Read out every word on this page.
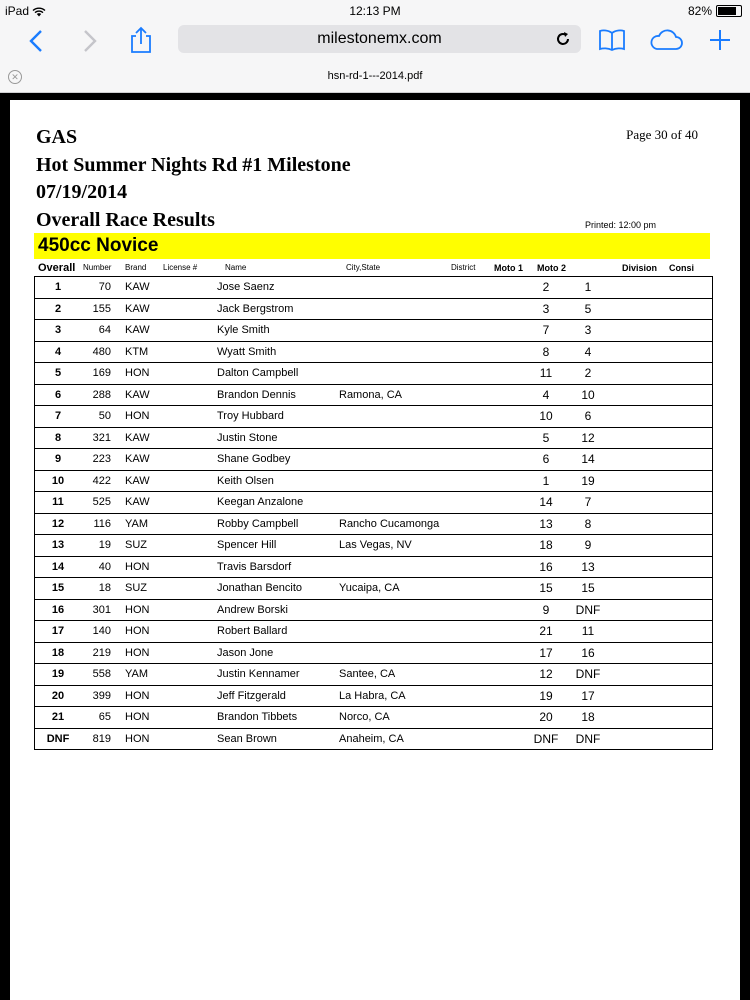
iPad	12:13 PM	82%
milestonemx.com
✕	hsn-rd-1---2014.pdf
GAS
Hot Summer Nights Rd #1 Milestone
07/19/2014
Overall Race Results
Page 30 of 40
Printed: 12:00 pm
450cc Novice
Overall Number Brand License #	Name	City,State	District Moto 1 Moto 2	Division Consi
1	70	KAW		Jose Saenz			2	1		
2	155	KAW		Jack Bergstrom			3	5		
3	64	KAW		Kyle Smith			7	3		
4	480	KTM		Wyatt Smith			8	4		
5	169	HON		Dalton Campbell			11	2		
6	288	KAW		Brandon Dennis	Ramona, CA		4	10		
7	50	HON		Troy Hubbard			10	6		
8	321	KAW		Justin Stone			5	12		
9	223	KAW		Shane Godbey			6	14		
10	422	KAW		Keith Olsen			1	19		
11	525	KAW		Keegan Anzalone			14	7		
12	116	YAM		Robby Campbell	Rancho Cucamonga		13	8		
13	19	SUZ		Spencer Hill	Las Vegas, NV		18	9		
14	40	HON		Travis Barsdorf			16	13		
15	18	SUZ		Jonathan Bencito	Yucaipa, CA		15	15		
16	301	HON		Andrew Borski			9	DNF		
17	140	HON		Robert Ballard			21	11		
18	219	HON		Jason Jone			17	16		
19	558	YAM		Justin Kennamer	Santee, CA		12	DNF		
20	399	HON		Jeff Fitzgerald	La Habra, CA		19	17		
21	65	HON		Brandon Tibbets	Norco, CA		20	18		
DNF	819	HON		Sean Brown	Anaheim, CA		DNF	DNF		
